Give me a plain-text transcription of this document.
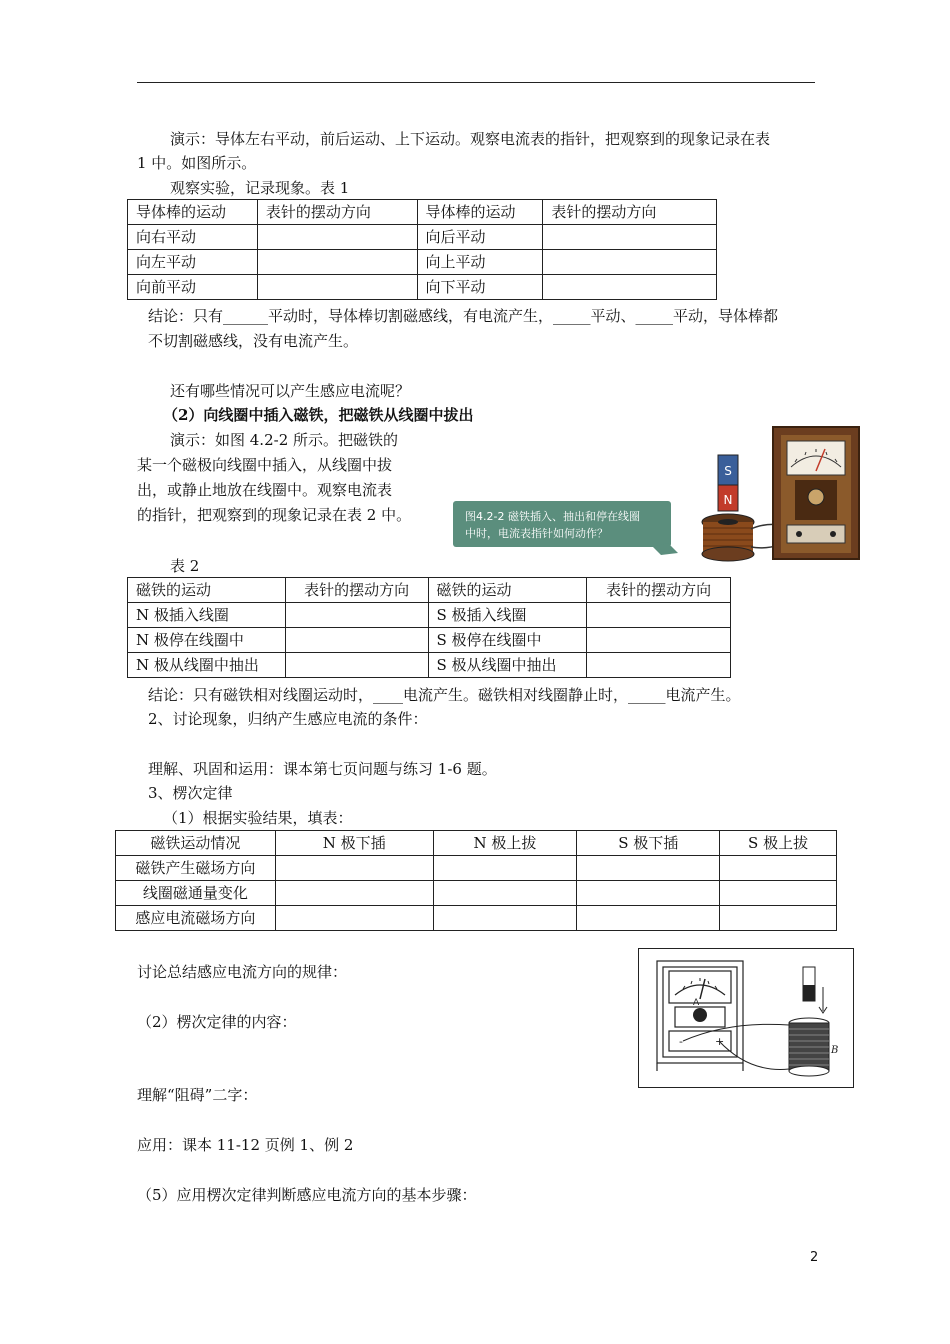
演示：导体左右平动，前后运动、上下运动。观察电流表的指针，把观察到的现象记录在表
1 中。如图所示。
观察实验，记录现象。表 1
导体棒的运动	表针的摆动方向	导体棒的运动	表针的摆动方向
向右平动		向后平动	
向左平动		向上平动	
向前平动		向下平动	
结论：只有______平动时，导体棒切割磁感线，有电流产生，_____平动、_____平动，导体棒都
不切割磁感线，没有电流产生。
还有哪些情况可以产生感应电流呢？
（2）向线圈中插入磁铁，把磁铁从线圈中拔出
演示：如图 4.2-2 所示。把磁铁的
某一个磁极向线圈中插入，从线圈中拔
出，或静止地放在线圈中。观察电流表
的指针，把观察到的现象记录在表 2 中。
S
N
图4.2-2 磁铁插入、抽出和停在线圈
中时，电流表指针如何动作？
表 2
磁铁的运动	表针的摆动方向	磁铁的运动	表针的摆动方向
N 极插入线圈		S 极插入线圈	
N 极停在线圈中		S 极停在线圈中	
N 极从线圈中抽出		S 极从线圈中抽出	
结论：只有磁铁相对线圈运动时，____电流产生。磁铁相对线圈静止时，_____电流产生。
2、讨论现象，归纳产生感应电流的条件：
理解、巩固和运用：课本第七页问题与练习 1-6 题。
3、楞次定律
（1）根据实验结果，填表：
磁铁运动情况	N 极下插	N 极上拔	S 极下插	S 极上拔
磁铁产生磁场方向				
线圈磁通量变化				
感应电流磁场方向				
讨论总结感应电流方向的规律：
（2）楞次定律的内容：
理解“阻碍”二字：
应用：课本 11-12 页例 1、例 2
（5）应用楞次定律判断感应电流方向的基本步骤：
A
-	+
B
2
